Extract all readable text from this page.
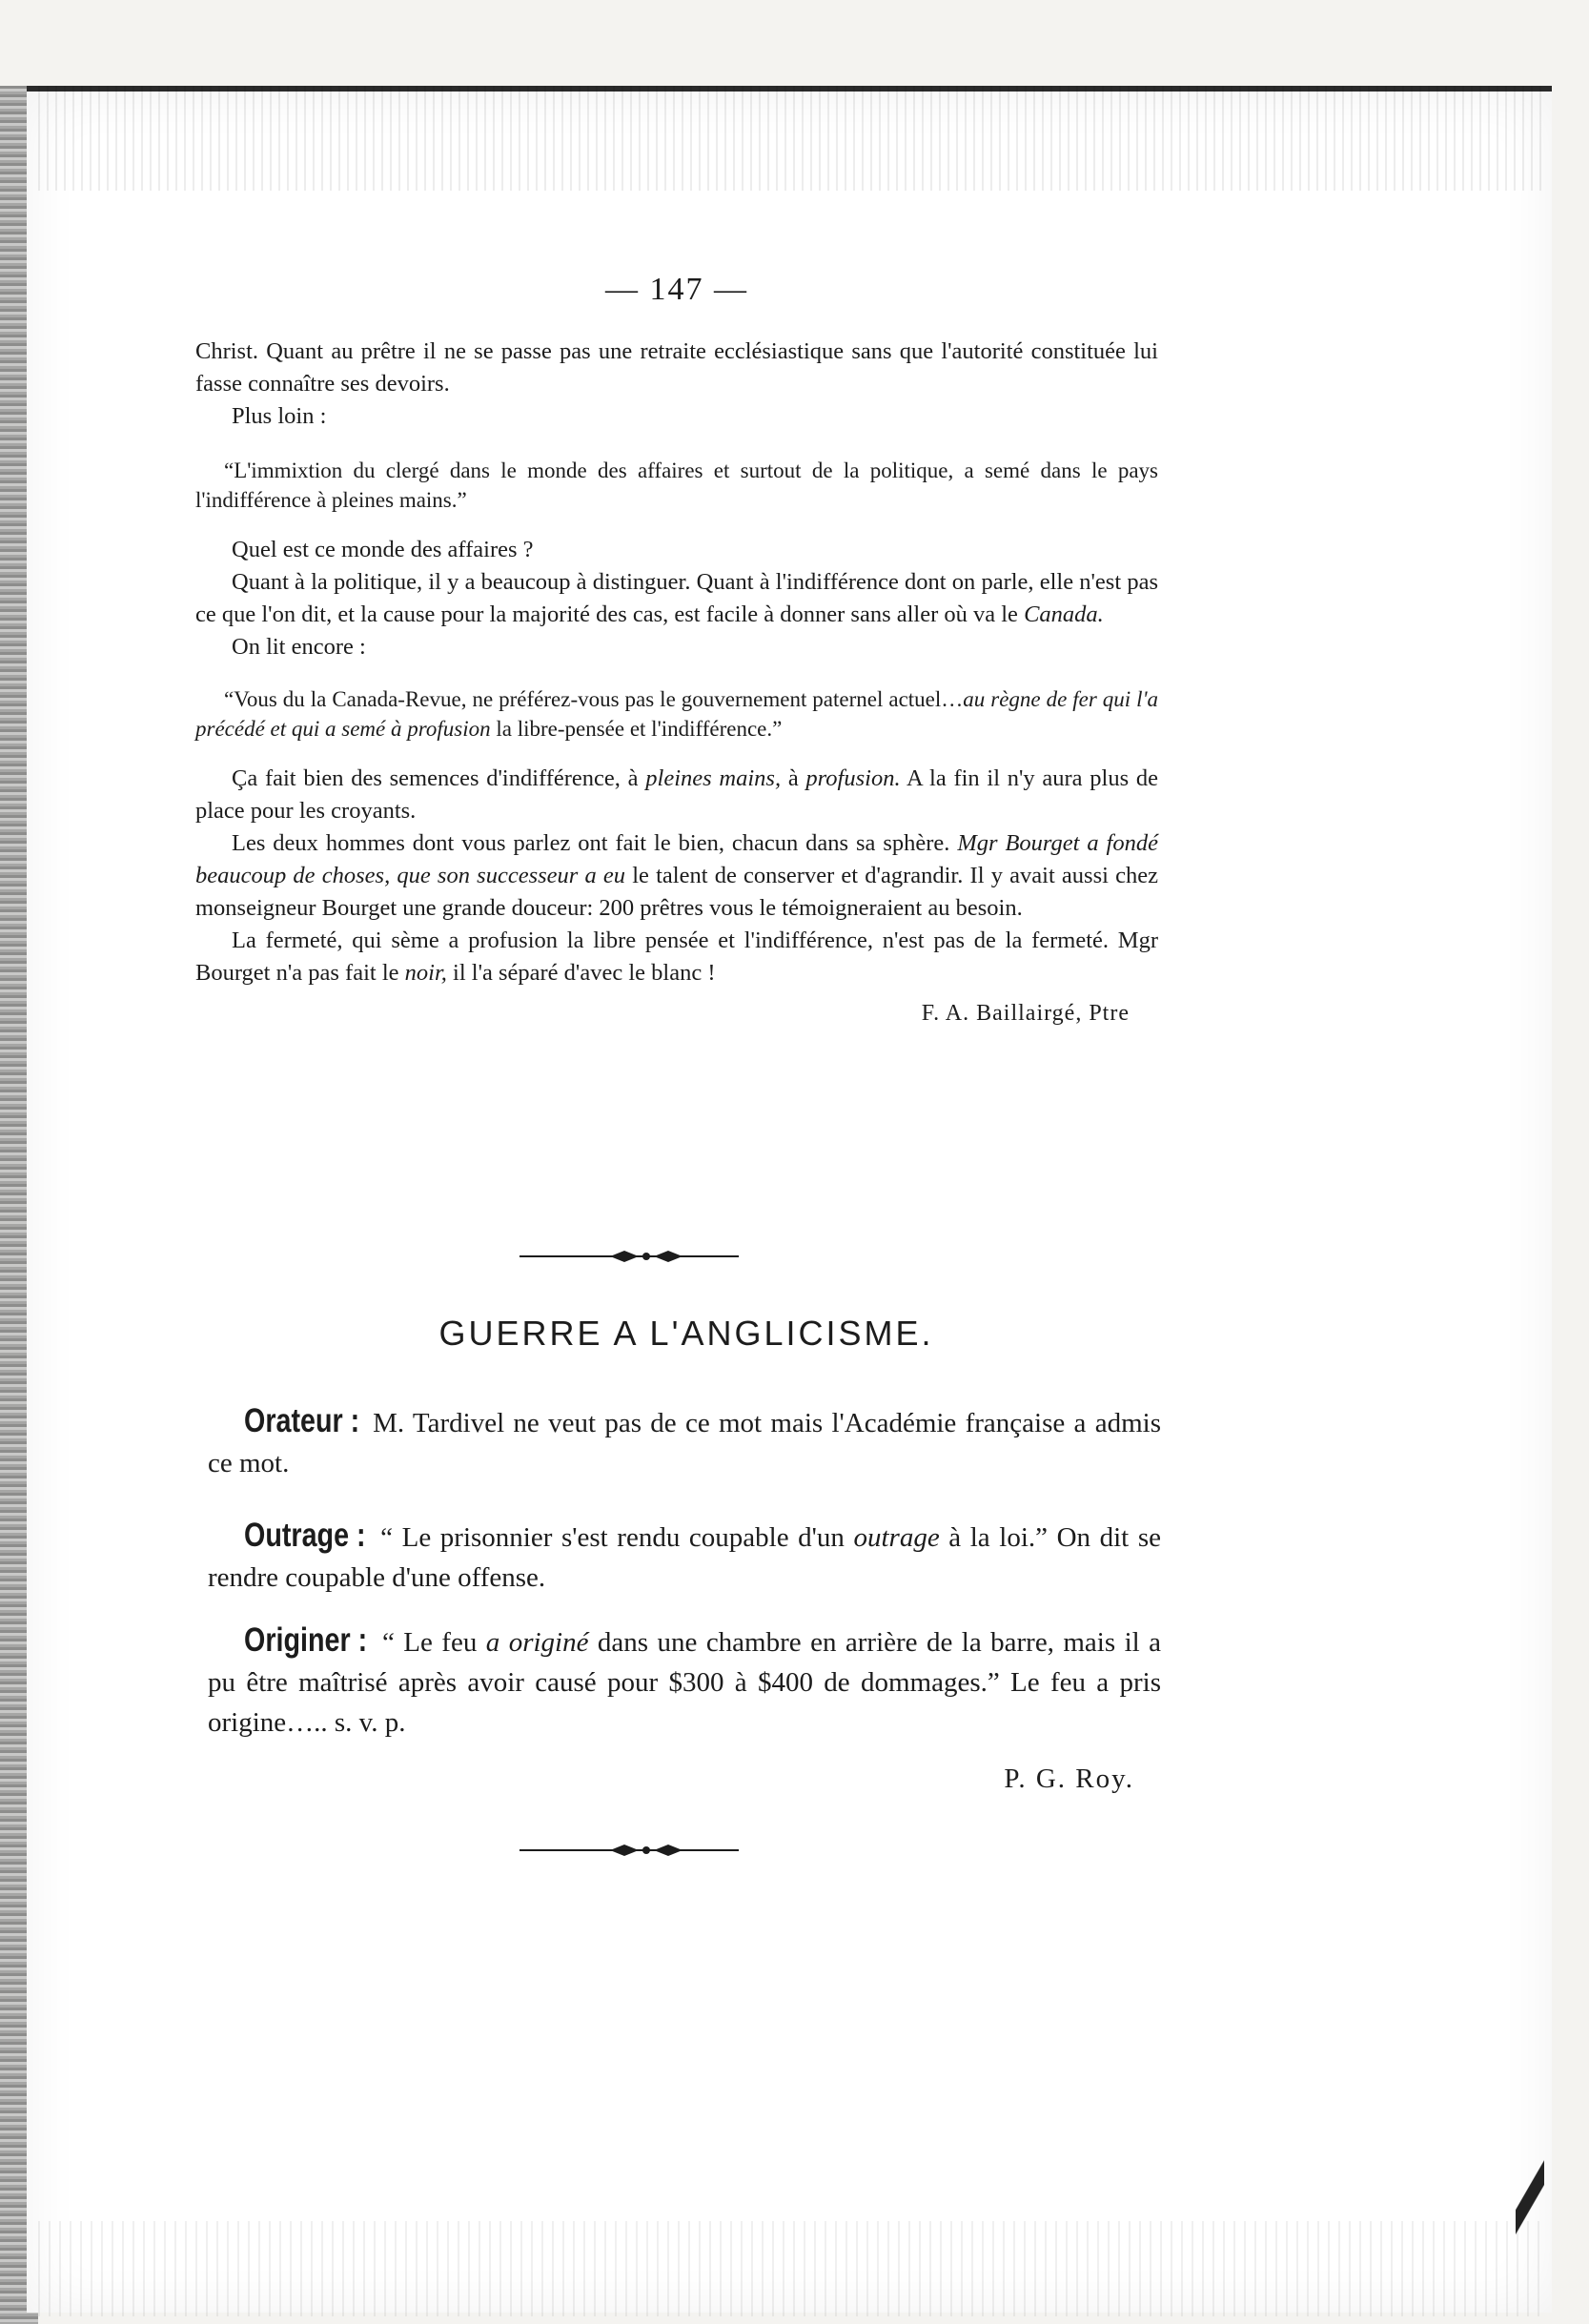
— 147 —

Christ. Quant au prêtre il ne se passe pas une retraite ecclésiastique sans que l'autorité constituée lui fasse connaître ses devoirs.

Plus loin :

“L'immixtion du clergé dans le monde des affaires et surtout de la politique, a semé dans le pays l'indifférence à pleines mains.”

Quel est ce monde des affaires ?

Quant à la politique, il y a beaucoup à distinguer. Quant à l'indifférence dont on parle, elle n'est pas ce que l'on dit, et la cause pour la majorité des cas, est facile à donner sans aller où va le Canada.

On lit encore :

“Vous du la Canada-Revue, ne préférez-vous pas le gouvernement paternel actuel…au règne de fer qui l'a précédé et qui a semé à profusion la libre-pensée et l'indifférence.”

Ça fait bien des semences d'indifférence, à pleines mains, à profusion. A la fin il n'y aura plus de place pour les croyants.

Les deux hommes dont vous parlez ont fait le bien, chacun dans sa sphère. Mgr Bourget a fondé beaucoup de choses, que son successeur a eu le talent de conserver et d'agrandir. Il y avait aussi chez monseigneur Bourget une grande douceur: 200 prêtres vous le témoigneraient au besoin.

La fermeté, qui sème a profusion la libre pensée et l'indifférence, n'est pas de la fermeté. Mgr Bourget n'a pas fait le noir, il l'a séparé d'avec le blanc !

F. A. Baillairgé, Ptre

GUERRE A L'ANGLICISME.
Orateur : M. Tardivel ne veut pas de ce mot mais l'Académie française a admis ce mot.
Outrage : “ Le prisonnier s'est rendu coupable d'un outrage à la loi.” On dit se rendre coupable d'une offense.
Originer : “ Le feu a originé dans une chambre en arrière de la barre, mais il a pu être maîtrisé après avoir causé pour $300 à $400 de dommages.” Le feu a pris origine….. s. v. p.
P. G. Roy.
